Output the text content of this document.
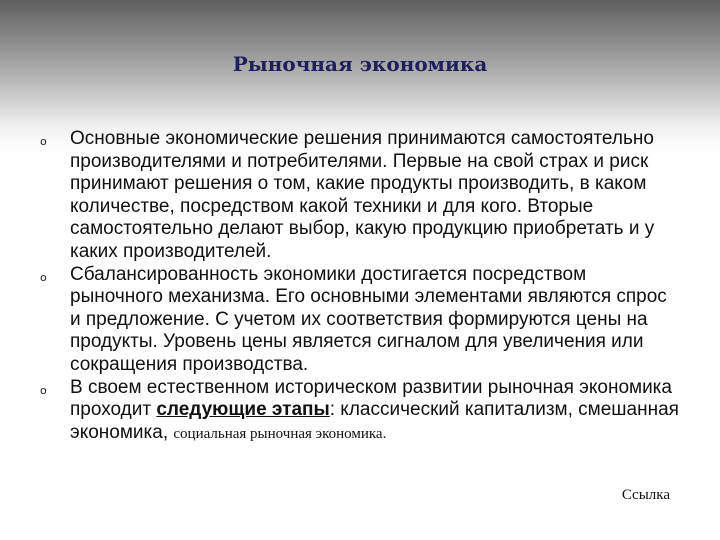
Рыночная экономика
o Основные экономические решения принимаются самостоятельно производителями и потребителями. Первые на свой страх и риск принимают решения о том, какие продукты производить, в каком количестве, посредством какой техники и для кого. Вторые самостоятельно делают выбор, какую продукцию приобретать и у каких производителей.

o Сбалансированность экономики достигается посредством рыночного механизма. Его основными элементами являются спрос и предложение. С учетом их соответствия формируются цены на продукты. Уровень цены является сигналом для увеличения или сокращения производства.

o В своем естественном историческом развитии рыночная экономика проходит следующие этапы: классический капитализм, смешанная экономика, социальная рыночная экономика.

Ссылка
